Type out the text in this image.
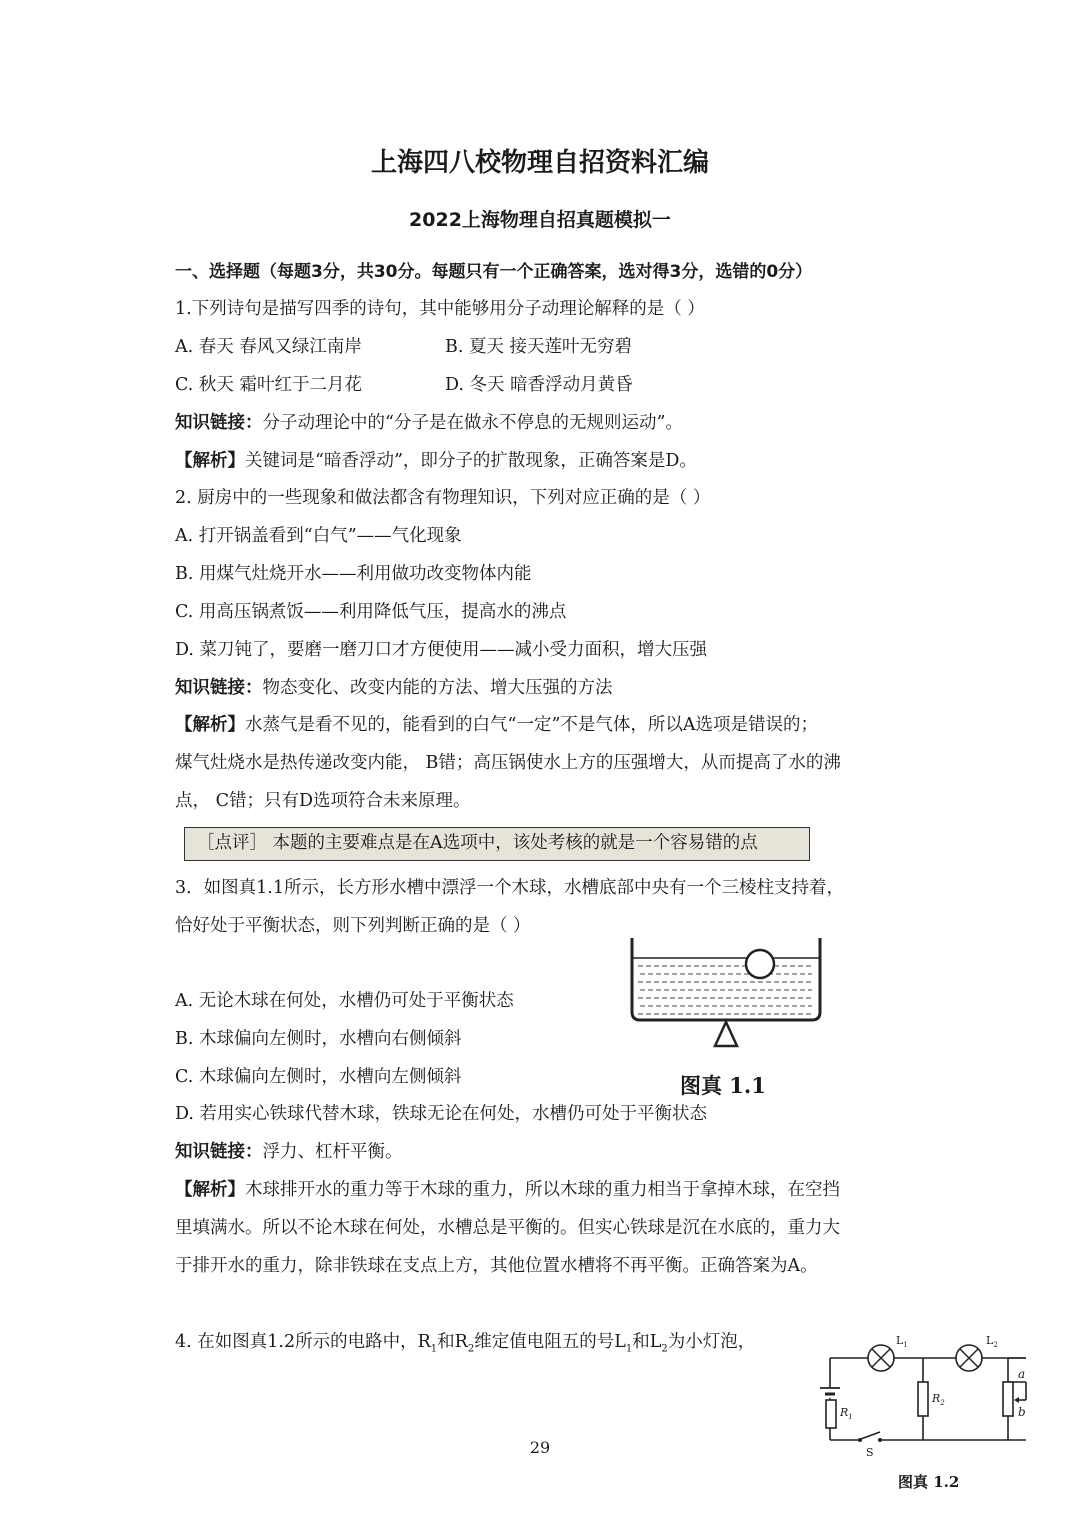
上海四八校物理自招资料汇编
2022上海物理自招真题模拟一
一、选择题（每题3分，共30分。每题只有一个正确答案，选对得3分，选错的0分）
1.下列诗句是描写四季的诗句，其中能够用分子动理论解释的是（ ）
A. 春天 春风又绿江南岸	B. 夏天 接天莲叶无穷碧
C. 秋天 霜叶红于二月花	D. 冬天 暗香浮动月黄昏
知识链接：分子动理论中的“分子是在做永不停息的无规则运动”。
【解析】关键词是“暗香浮动”，即分子的扩散现象，正确答案是D。
2. 厨房中的一些现象和做法都含有物理知识，下列对应正确的是（ ）
A. 打开锅盖看到“白气”——气化现象
B. 用煤气灶烧开水——利用做功改变物体内能
C. 用高压锅煮饭——利用降低气压，提高水的沸点
D. 菜刀钝了，要磨一磨刀口才方便使用——减小受力面积，增大压强
知识链接：物态变化、改变内能的方法、增大压强的方法
【解析】水蒸气是看不见的，能看到的白气“一定”不是气体，所以A选项是错误的；
煤气灶烧水是热传递改变内能， B错；高压锅使水上方的压强增大，从而提高了水的沸
点， C错；只有D选项符合未来原理。
［点评］ 本题的主要难点是在A选项中，该处考核的就是一个容易错的点
3．如图真1.1所示，长方形水槽中漂浮一个木球，水槽底部中央有一个三棱柱支持着，
恰好处于平衡状态，则下列判断正确的是（ ）
A. 无论木球在何处，水槽仍可处于平衡状态
B. 木球偏向左侧时，水槽向右侧倾斜
C. 木球偏向左侧时，水槽向左侧倾斜	图真 1.1
D. 若用实心铁球代替木球，铁球无论在何处，水槽仍可处于平衡状态
知识链接：浮力、杠杆平衡。
【解析】木球排开水的重力等于木球的重力，所以木球的重力相当于拿掉木球，在空挡
里填满水。所以不论木球在何处，水槽总是平衡的。但实心铁球是沉在水底的，重力大
于排开水的重力，除非铁球在支点上方，其他位置水槽将不再平衡。正确答案为A。
4. 在如图真1.2所示的电路中，$R_1$和$R_2$维定值电阻五的号$L_1$和$L_2$为小灯泡，
$R_1$
$L_1$	$L_2$
$R_2$
a
b
S
图真 1.2
29
